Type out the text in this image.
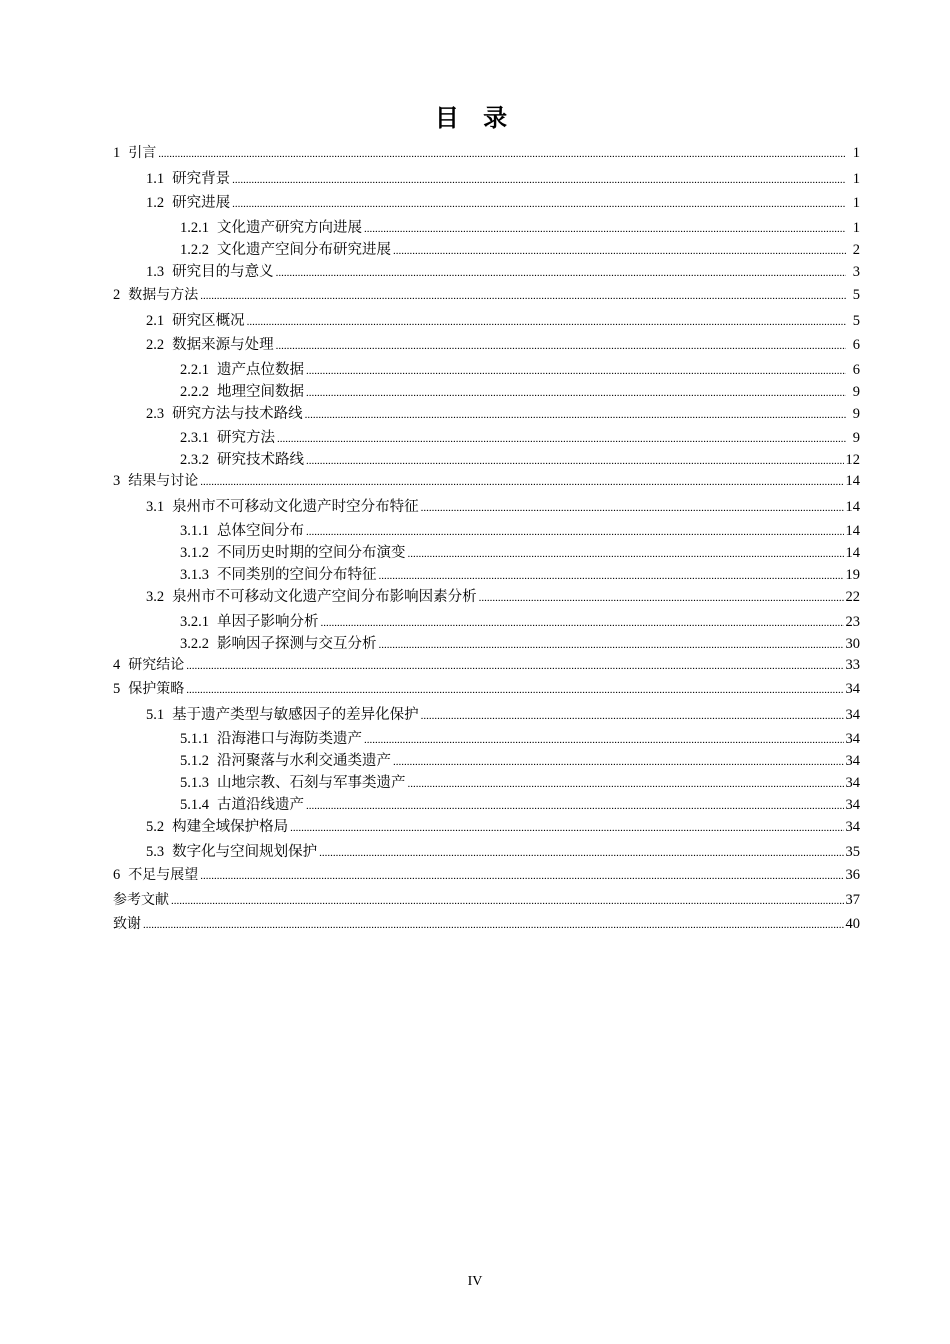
目 录
1 引言 .....	1
1.1 研究背景 .....	1
1.2 研究进展 .....	1
1.2.1 文化遗产研究方向进展 .....	1
1.2.2 文化遗产空间分布研究进展 .....	2
1.3 研究目的与意义 .....	3
2 数据与方法 .....	5
2.1 研究区概况 .....	5
2.2 数据来源与处理 .....	6
2.2.1 遗产点位数据 .....	6
2.2.2 地理空间数据 .....	9
2.3 研究方法与技术路线 .....	9
2.3.1 研究方法 .....	9
2.3.2 研究技术路线 .....	12
3 结果与讨论 .....	14
3.1 泉州市不可移动文化遗产时空分布特征 .....	14
3.1.1 总体空间分布 .....	14
3.1.2 不同历史时期的空间分布演变 .....	14
3.1.3 不同类别的空间分布特征 .....	19
3.2 泉州市不可移动文化遗产空间分布影响因素分析 .....	22
3.2.1 单因子影响分析 .....	23
3.2.2 影响因子探测与交互分析 .....	30
4 研究结论 .....	33
5 保护策略 .....	34
5.1 基于遗产类型与敏感因子的差异化保护 .....	34
5.1.1 沿海港口与海防类遗产 .....	34
5.1.2 沿河聚落与水利交通类遗产 .....	34
5.1.3 山地宗教、石刻与军事类遗产 .....	34
5.1.4 古道沿线遗产 .....	34
5.2 构建全域保护格局 .....	34
5.3 数字化与空间规划保护 .....	35
6 不足与展望 .....	36
参考文献 .....	37
致谢 .....	40
IV
